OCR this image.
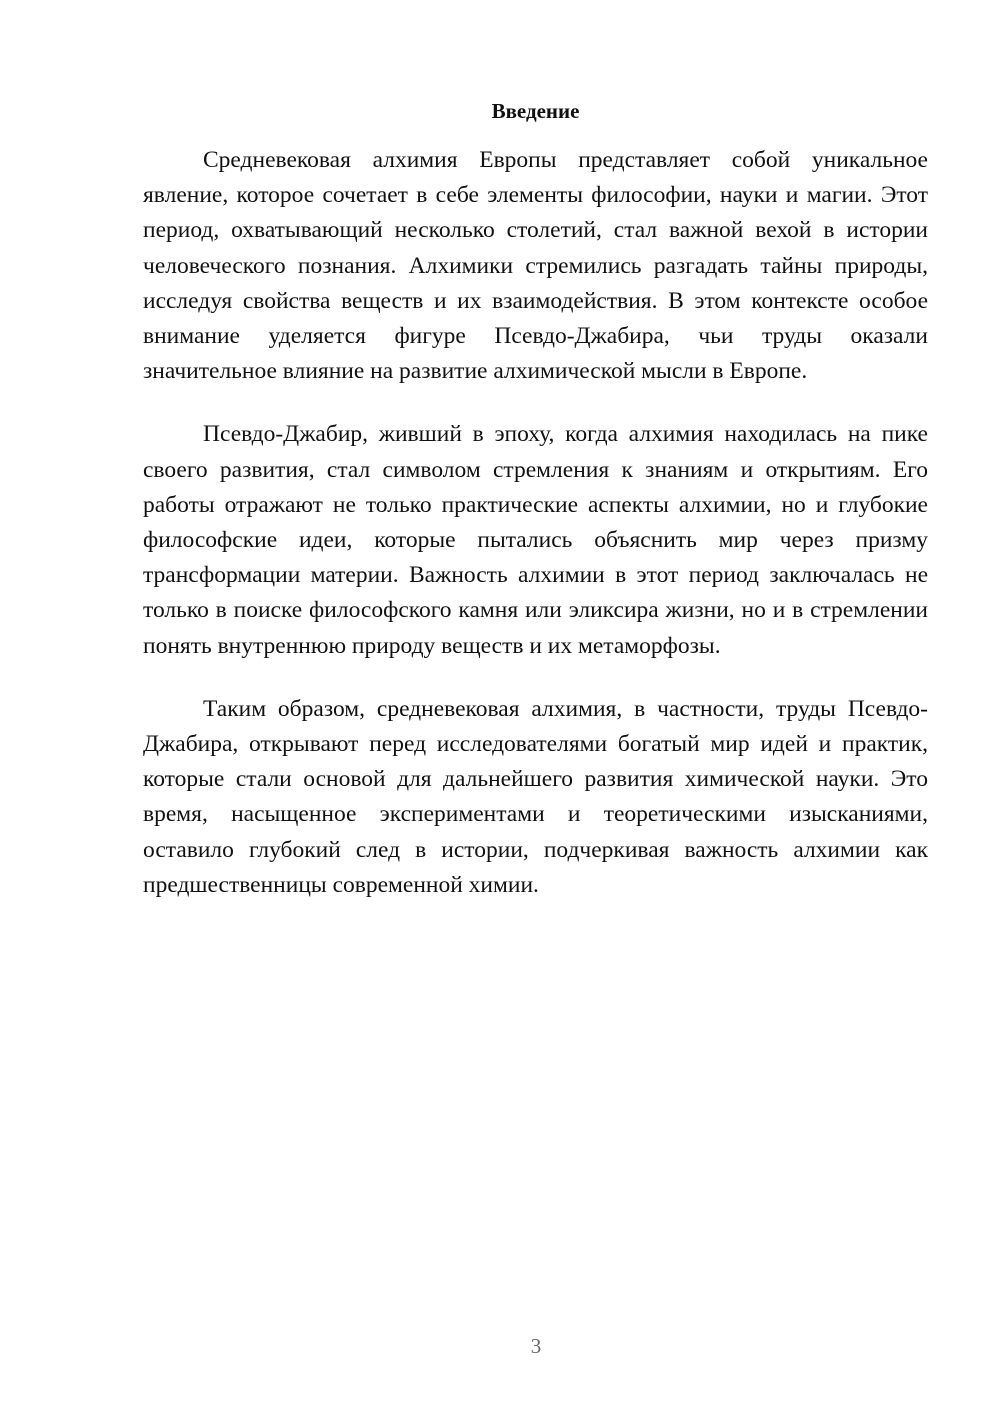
Введение

Средневековая алхимия Европы представляет собой уникальное явление, которое сочетает в себе элементы философии, науки и магии. Этот период, охватывающий несколько столетий, стал важной вехой в истории человеческого познания. Алхимики стремились разгадать тайны природы, исследуя свойства веществ и их взаимодействия. В этом контексте особое внимание уделяется фигуре Псевдо-Джабира, чьи труды оказали значительное влияние на развитие алхимической мысли в Европе.

Псевдо-Джабир, живший в эпоху, когда алхимия находилась на пике своего развития, стал символом стремления к знаниям и открытиям. Его работы отражают не только практические аспекты алхимии, но и глубокие философские идеи, которые пытались объяснить мир через призму трансформации материи. Важность алхимии в этот период заключалась не только в поиске философского камня или эликсира жизни, но и в стремлении понять внутреннюю природу веществ и их метаморфозы.

Таким образом, средневековая алхимия, в частности, труды Псевдо-Джабира, открывают перед исследователями богатый мир идей и практик, которые стали основой для дальнейшего развития химической науки. Это время, насыщенное экспериментами и теоретическими изысканиями, оставило глубокий след в истории, подчеркивая важность алхимии как предшественницы современной химии.

3
